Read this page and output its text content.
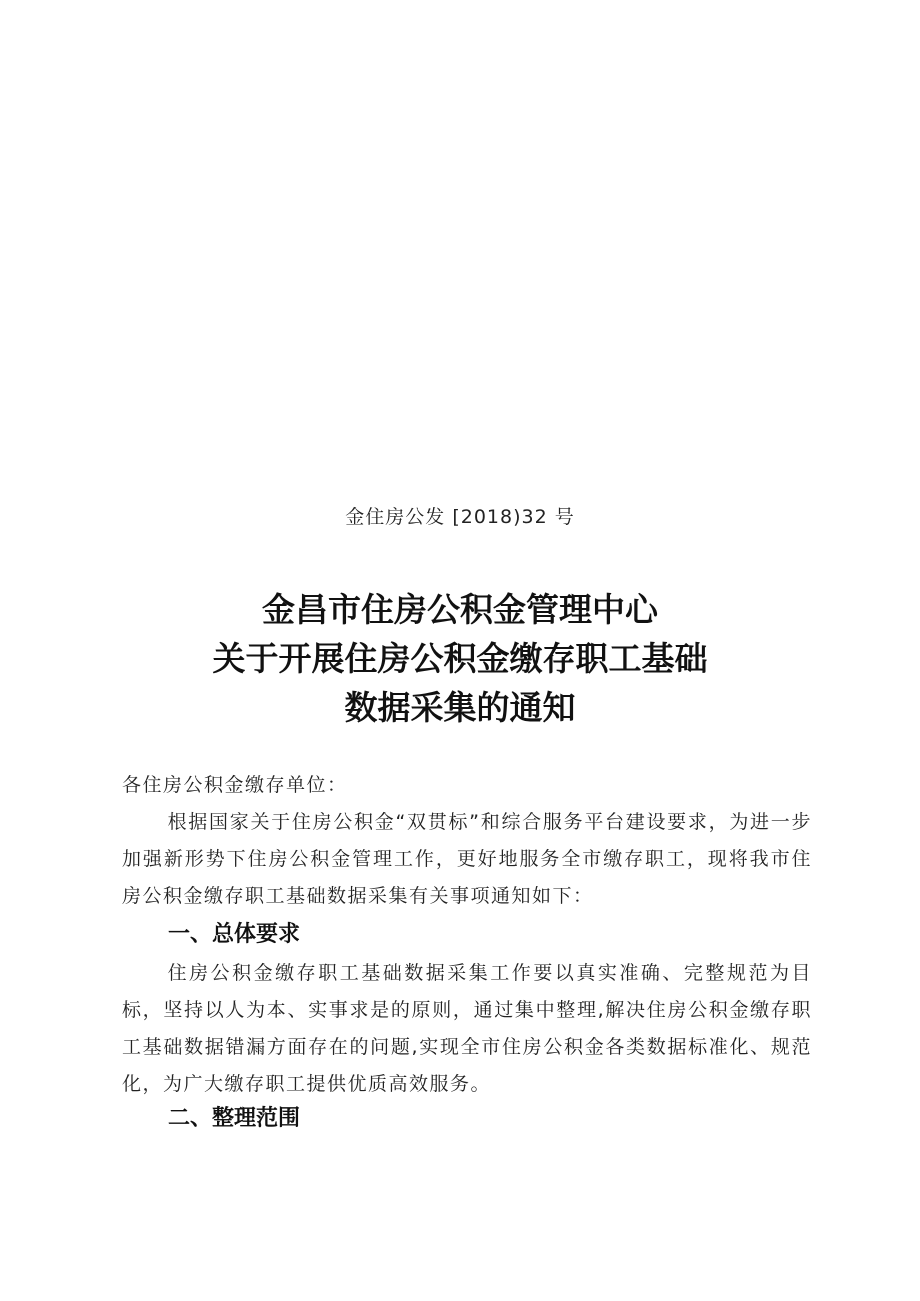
金住房公发 [2018)32 号
金昌市住房公积金管理中心
关于开展住房公积金缴存职工基础
数据采集的通知
各住房公积金缴存单位：
根据国家关于住房公积金“双贯标”和综合服务平台建设要求，为进一步加强新形势下住房公积金管理工作，更好地服务全市缴存职工，现将我市住房公积金缴存职工基础数据采集有关事项通知如下：
一、总体要求
住房公积金缴存职工基础数据采集工作要以真实准确、完整规范为目标，坚持以人为本、实事求是的原则，通过集中整理,解决住房公积金缴存职工基础数据错漏方面存在的问题,实现全市住房公积金各类数据标准化、规范化，为广大缴存职工提供优质高效服务。
二、整理范围
